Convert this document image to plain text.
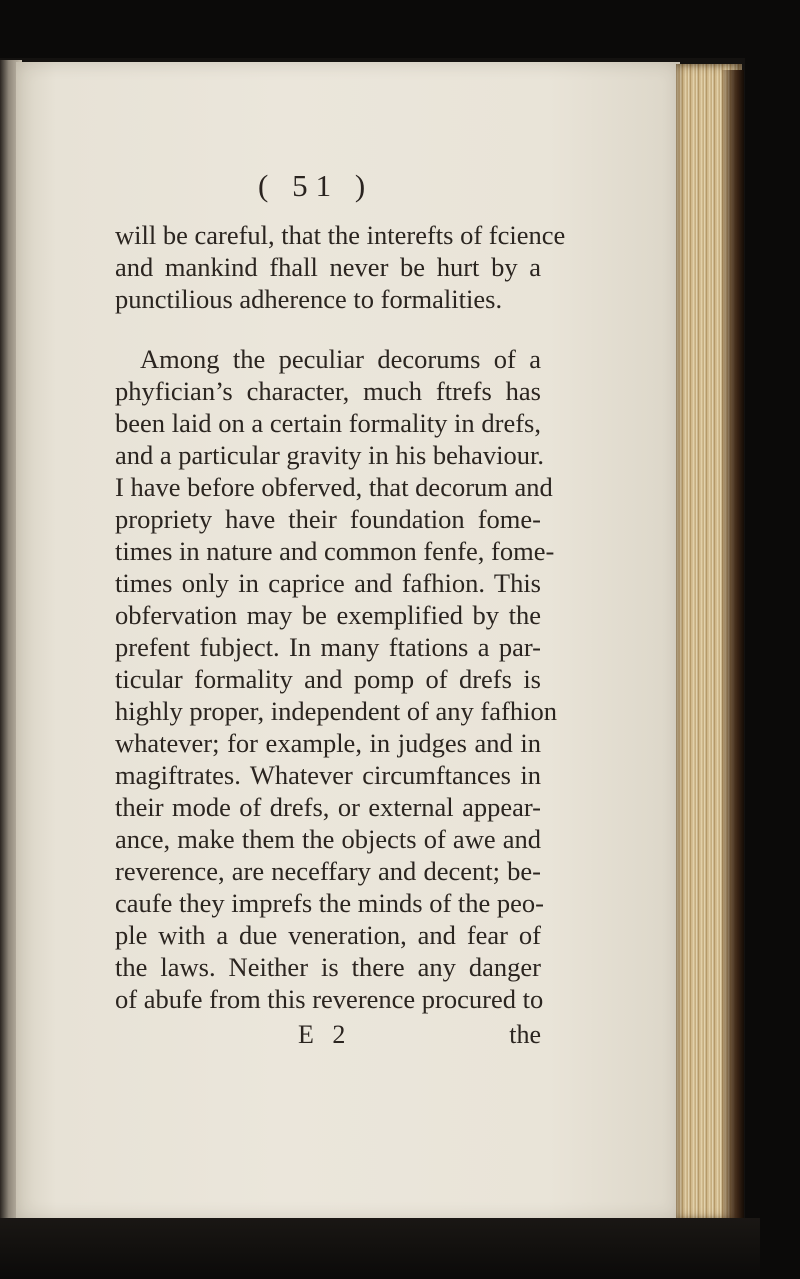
( 51 )
will be careful, that the interefts of fcience
and mankind fhall never be hurt by a
punctilious adherence to formalities.
Among the peculiar decorums of a
phyfician’s character, much ftrefs has
been laid on a certain formality in drefs,
and a particular gravity in his behaviour.
I have before obferved, that decorum and
propriety have their foundation fome-
times in nature and common fenfe, fome-
times only in caprice and fafhion. This
obfervation may be exemplified by the
prefent fubject. In many ftations a par-
ticular formality and pomp of drefs is
highly proper, independent of any fafhion
whatever; for example, in judges and in
magiftrates. Whatever circumftances in
their mode of drefs, or external appear-
ance, make them the objects of awe and
reverence, are neceffary and decent; be-
caufe they imprefs the minds of the peo-
ple with a due veneration, and fear of
the laws. Neither is there any danger
of abufe from this reverence procured to
E 2	the
